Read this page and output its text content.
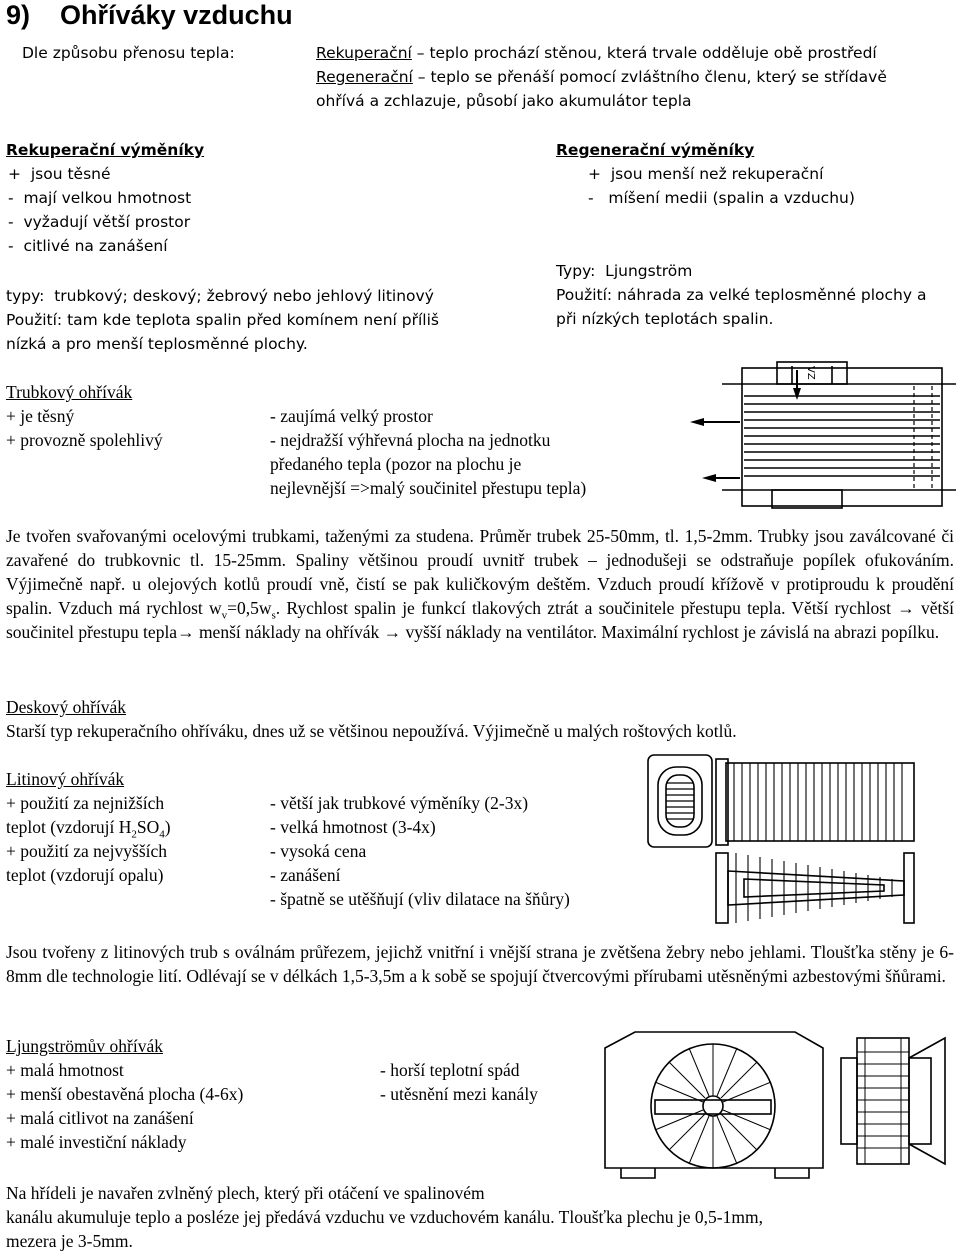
9)    Ohříváky vzduchu
Dle způsobu přenosu tepla:	Rekuperační – teplo prochází stěnou, která trvale odděluje obě prostředí
Regenerační – teplo se přenáší pomocí zvláštního členu, který se střídavě
ohřívá a zchlazuje, působí jako akumulátor tepla
Rekuperační výměníky
+  jsou těsné
-  mají velkou hmotnost
-  vyžadují větší prostor
-  citlivé na zanášení
typy:  trubkový; deskový; žebrový nebo jehlový litinový
Použití: tam kde teplota spalin před komínem není příliš
nízká a pro menší teplosměnné plochy.
Regenerační výměníky
+  jsou menší než rekuperační
-   míšení medii (spalin a vzduchu)
Typy:  Ljungström
Použití: náhrada za velké teplosměnné plochy a
při nízkých teplotách spalin.
Trubkový ohřívák
+ je těsný
+ provozně spolehlivý
- zaujímá velký prostor
- nejdražší výhřevná plocha na jednotku
předaného tepla (pozor na plochu je
nejlevnější =>malý součinitel přestupu tepla)
VZ
Je tvořen svařovanými ocelovými trubkami, taženými za studena. Průměr trubek 25-50mm, tl. 1,5-2mm. Trubky jsou zaválcované či zavařené do trubkovnic tl. 15-25mm. Spaliny většinou proudí uvnitř trubek – jednodušeji se odstraňuje popílek ofukováním. Výjimečně např. u olejových kotlů proudí vně, čistí se pak kuličkovým deštěm. Vzduch proudí křížově v protiproudu k proudění spalin. Vzduch má rychlost $w_v=0,5w_s$. Rychlost spalin je funkcí tlakových ztrát a součinitele přestupu tepla. Větší rychlost → větší součinitel přestupu tepla→ menší náklady na ohřívák → vyšší náklady na ventilátor. Maximální rychlost je závislá na abrazi popílku.
Deskový ohřívák
Starší typ rekuperačního ohříváku, dnes už se většinou nepoužívá. Výjimečně u malých roštových kotlů.
Litinový ohřívák
+ použití za nejnižších
teplot (vzdorují $H_2SO_4$)
+ použití za nejvyšších
teplot (vzdorují opalu)
- větší jak trubkové výměníky (2-3x)
- velká hmotnost (3-4x)
- vysoká cena
- zanášení
- špatně se utěšňují (vliv dilatace na šňůry)
Jsou tvořeny z litinových trub s oválnám průřezem, jejichž vnitřní i vnější strana je zvětšena žebry nebo jehlami. Tloušťka stěny je 6-8mm dle technologie lití. Odlévají se v délkách 1,5-3,5m a k sobě se spojují čtvercovými přírubami utěsněnými azbestovými šňůrami.
Ljungströmův ohřívák
+ malá hmotnost
+ menší obestavěná plocha (4-6x)
+ malá citlivot na zanášení
+ malé investiční náklady
- horší teplotní spád
- utěsnění mezi kanály
Na hřídeli je navařen zvlněný plech, který při otáčení ve spalinovém
kanálu akumuluje teplo a posléze jej předává vzduchu ve vzduchovém kanálu. Tloušťka plechu je 0,5-1mm,
mezera je 3-5mm.
